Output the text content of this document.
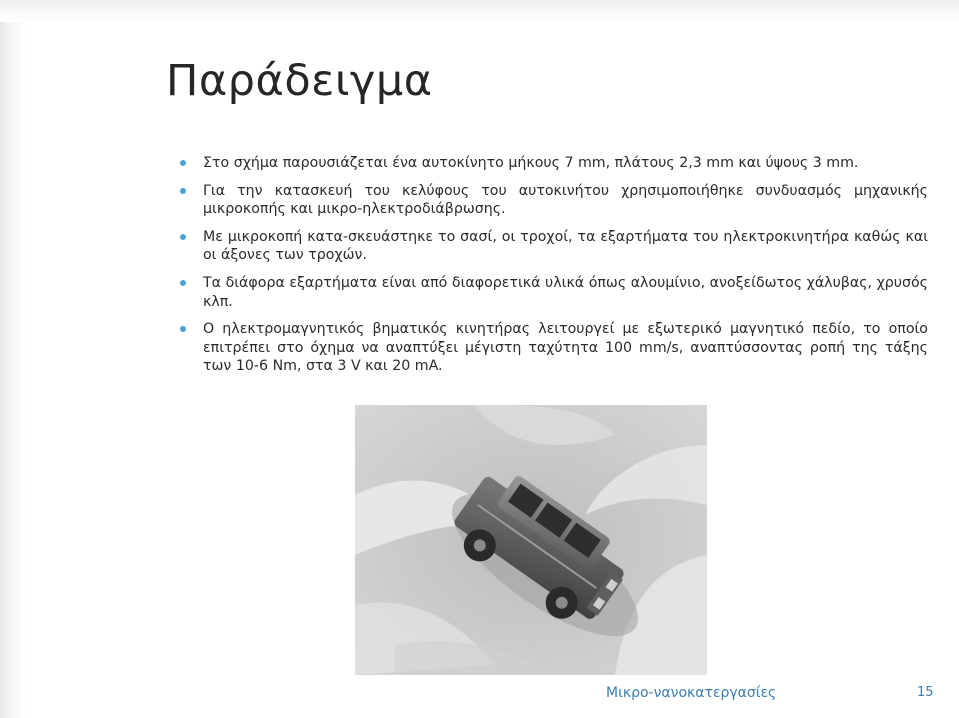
Παράδειγμα
Στο σχήμα παρουσιάζεται ένα αυτοκίνητο μήκους 7 mm, πλάτους 2,3 mm και ύψους 3 mm.
Για την κατασκευή του κελύφους του αυτοκινήτου χρησιμοποιήθηκε συνδυασμός μηχανικής μικροκοπής και μικρο-ηλεκτροδιάβρωσης.
Με μικροκοπή κατα-σκευάστηκε το σασί, οι τροχοί, τα εξαρτήματα του ηλεκτροκινητήρα καθώς και οι άξονες των τροχών.
Τα διάφορα εξαρτήματα είναι από διαφορετικά υλικά όπως αλουμίνιο, ανοξείδωτος χάλυβας, χρυσός κλπ.
Ο ηλεκτρομαγνητικός βηματικός κινητήρας λειτουργεί με εξωτερικό μαγνητικό πεδίο, το οποίο επιτρέπει στο όχημα να αναπτύξει μέγιστη ταχύτητα 100 mm/s, αναπτύσσοντας ροπή της τάξης των 10-6 Nm, στα 3 V και 20 mA.
Μικρο-νανοκατεργασίες	15
